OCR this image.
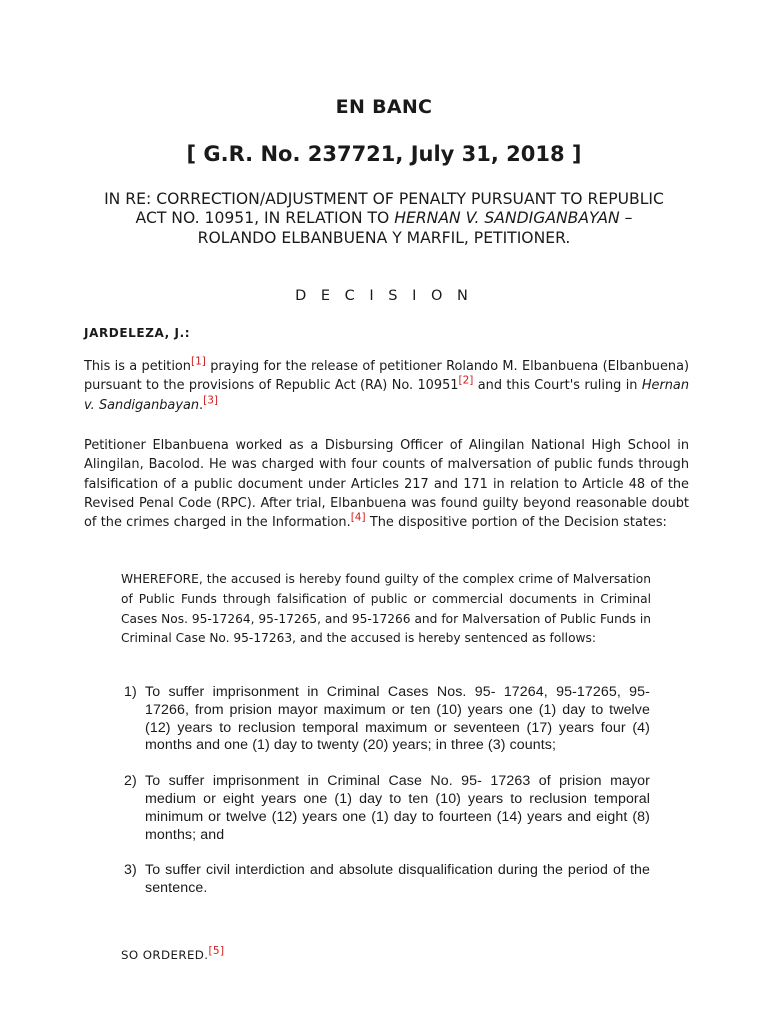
EN BANC
[ G.R. No. 237721, July 31, 2018 ]
IN RE: CORRECTION/ADJUSTMENT OF PENALTY PURSUANT TO REPUBLIC ACT NO. 10951, IN RELATION TO HERNAN V. SANDIGANBAYAN – ROLANDO ELBANBUENA Y MARFIL, PETITIONER.
D E C I S I O N
JARDELEZA, J.:
This is a petition[1] praying for the release of petitioner Rolando M. Elbanbuena (Elbanbuena) pursuant to the provisions of Republic Act (RA) No. 10951[2] and this Court's ruling in Hernan v. Sandiganbayan.[3]
Petitioner Elbanbuena worked as a Disbursing Officer of Alingilan National High School in Alingilan, Bacolod. He was charged with four counts of malversation of public funds through falsification of a public document under Articles 217 and 171 in relation to Article 48 of the Revised Penal Code (RPC). After trial, Elbanbuena was found guilty beyond reasonable doubt of the crimes charged in the Information.[4] The dispositive portion of the Decision states:
WHEREFORE, the accused is hereby found guilty of the complex crime of Malversation of Public Funds through falsification of public or commercial documents in Criminal Cases Nos. 95-17264, 95-17265, and 95-17266 and for Malversation of Public Funds in Criminal Case No. 95-17263, and the accused is hereby sentenced as follows:
1) To suffer imprisonment in Criminal Cases Nos. 95- 17264, 95-17265, 95-17266, from prision mayor maximum or ten (10) years one (1) day to twelve (12) years to reclusion temporal maximum or seventeen (17) years four (4) months and one (1) day to twenty (20) years; in three (3) counts;
2) To suffer imprisonment in Criminal Case No. 95- 17263 of prision mayor medium or eight years one (1) day to ten (10) years to reclusion temporal minimum or twelve (12) years one (1) day to fourteen (14) years and eight (8) months; and
3) To suffer civil interdiction and absolute disqualification during the period of the sentence.
SO ORDERED.[5]
